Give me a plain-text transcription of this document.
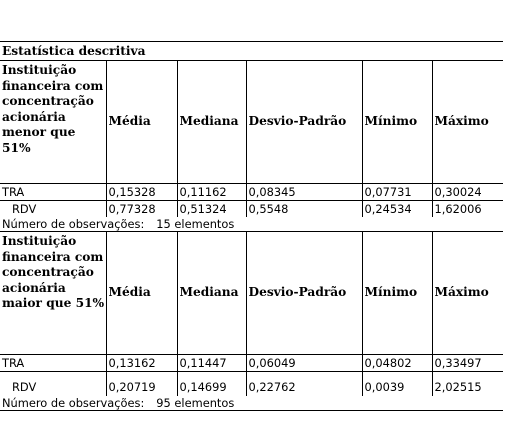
Estatística descritiva					
Instituição financeira com concentração acionária menor que 51%	Média	Mediana	Desvio-Padrão	Mínimo	Máximo
TRA	0,15328	0,11162	0,08345	0,07731	0,30024
RDV	0,77328	0,51324	0,5548	0,24534	1,62006
Número de observações: 15 elementos					
Instituição financeira com concentração acionária maior que 51%	Média	Mediana	Desvio-Padrão	Mínimo	Máximo
TRA	0,13162	0,11447	0,06049	0,04802	0,33497
RDV	0,20719	0,14699	0,22762	0,0039	2,02515
Número de observações: 95 elementos					
